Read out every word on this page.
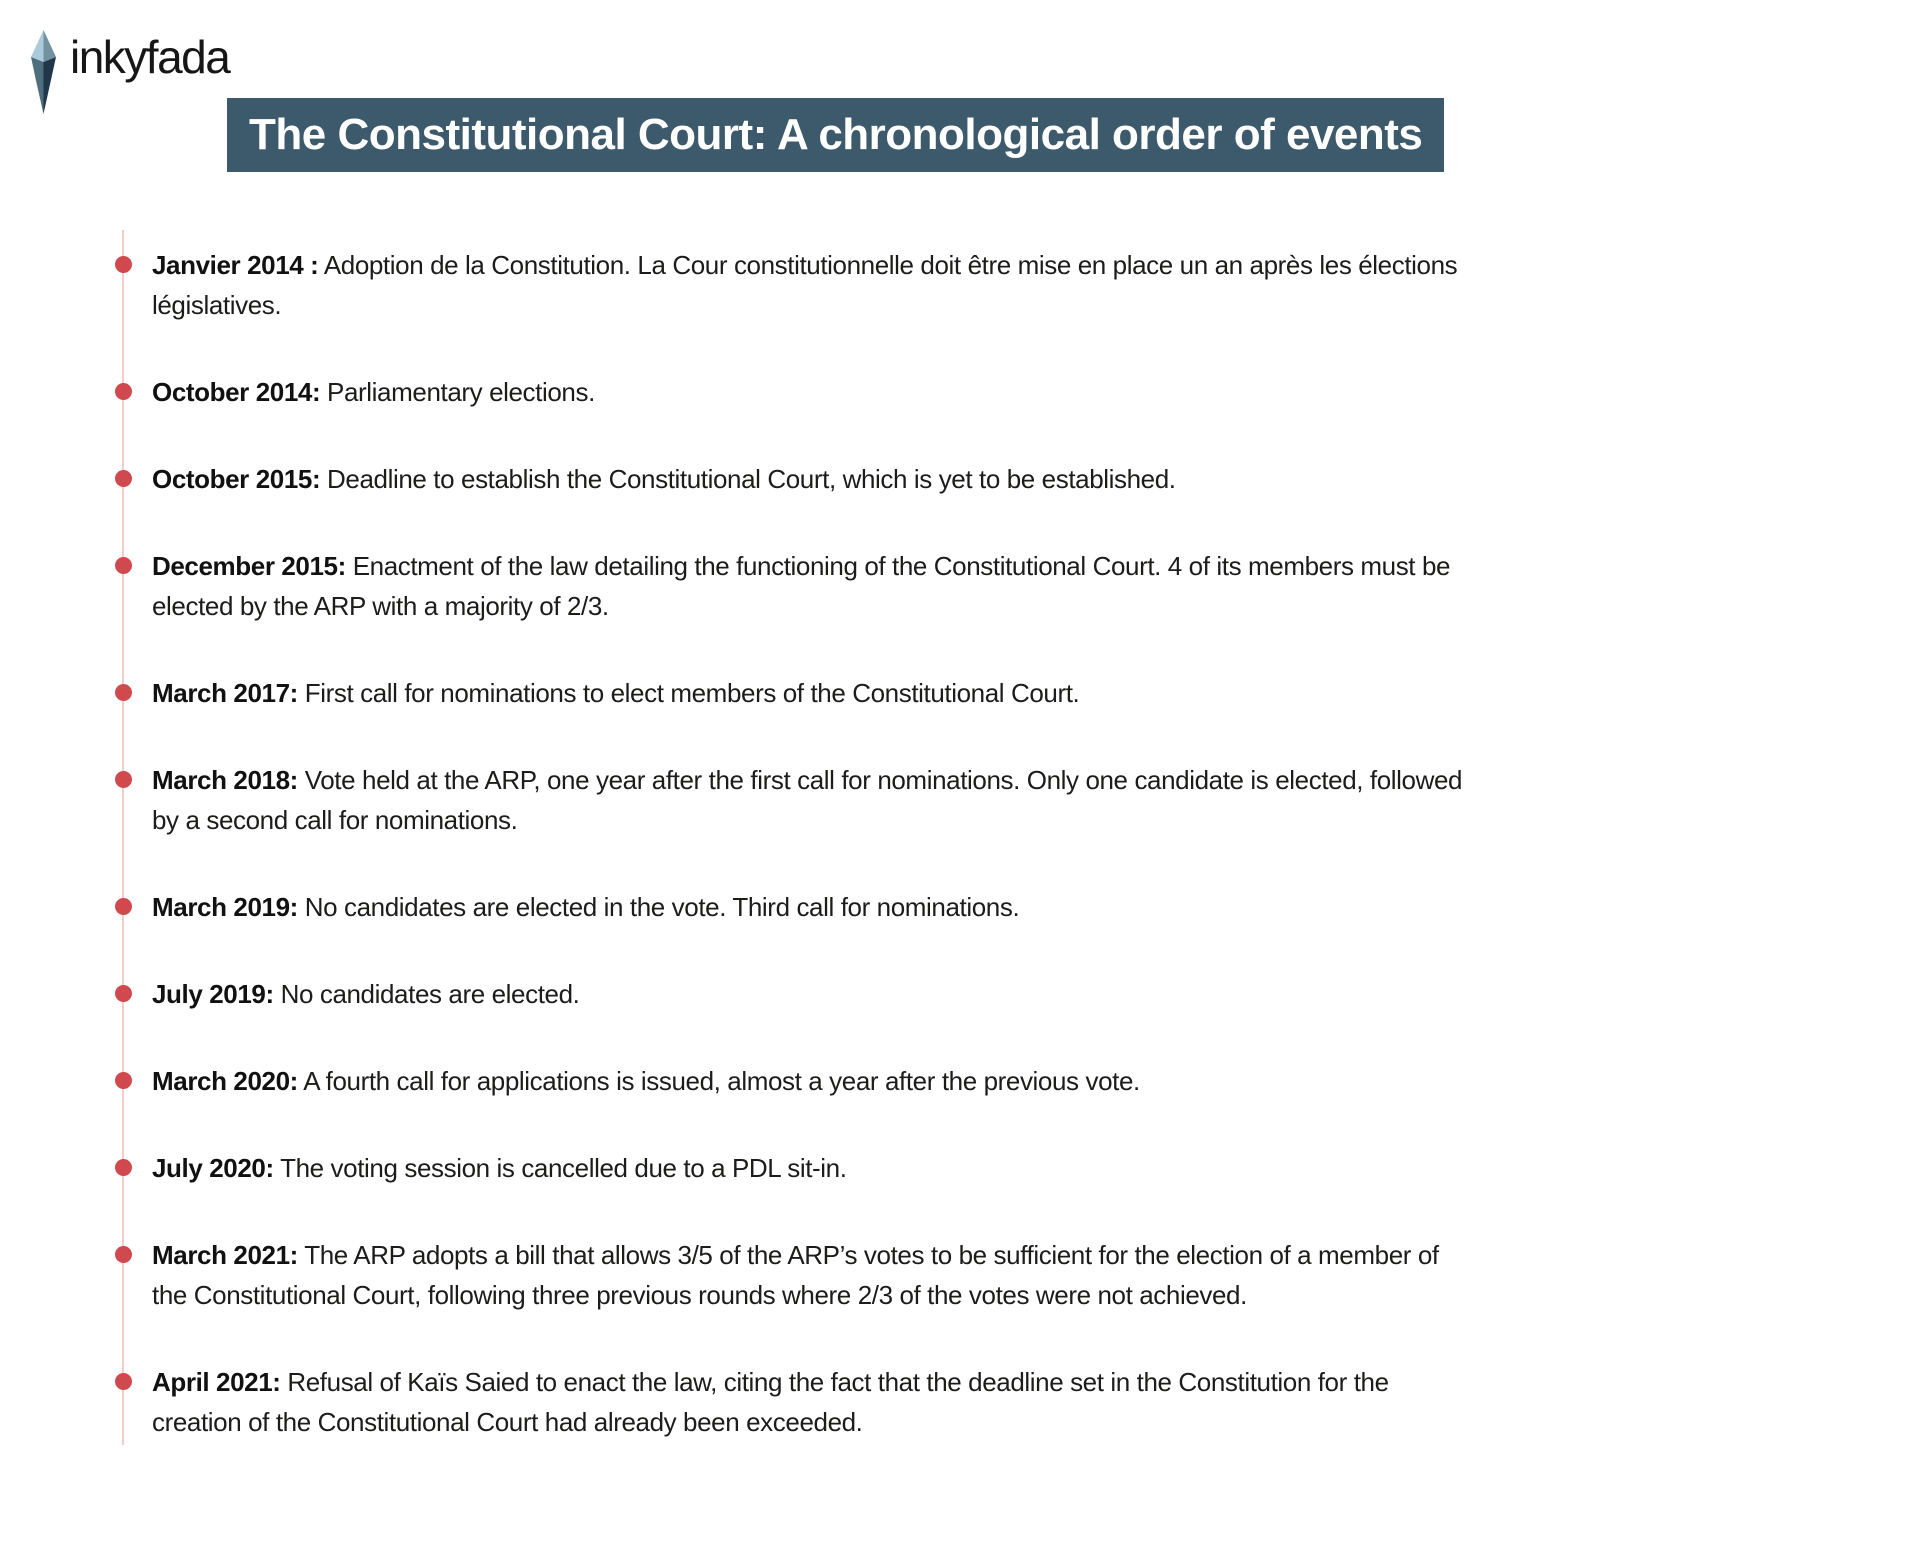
inkyfada
The Constitutional Court: A chronological order of events

Janvier 2014 : Adoption de la Constitution. La Cour constitutionnelle doit être mise en place un an après les élections législatives.

October 2014: Parliamentary elections.

October 2015: Deadline to establish the Constitutional Court, which is yet to be established.

December 2015: Enactment of the law detailing the functioning of the Constitutional Court. 4 of its members must be elected by the ARP with a majority of 2/3.

March 2017: First call for nominations to elect members of the Constitutional Court.

March 2018: Vote held at the ARP, one year after the first call for nominations. Only one candidate is elected, followed by a second call for nominations.

March 2019: No candidates are elected in the vote. Third call for nominations.

July 2019: No candidates are elected.

March 2020: A fourth call for applications is issued, almost a year after the previous vote.

July 2020: The voting session is cancelled due to a PDL sit-in.

March 2021: The ARP adopts a bill that allows 3/5 of the ARP’s votes to be sufficient for the election of a member of the Constitutional Court, following three previous rounds where 2/3 of the votes were not achieved.

April 2021: Refusal of Kaïs Saied to enact the law, citing the fact that the deadline set in the Constitution for the creation of the Constitutional Court had already been exceeded.
